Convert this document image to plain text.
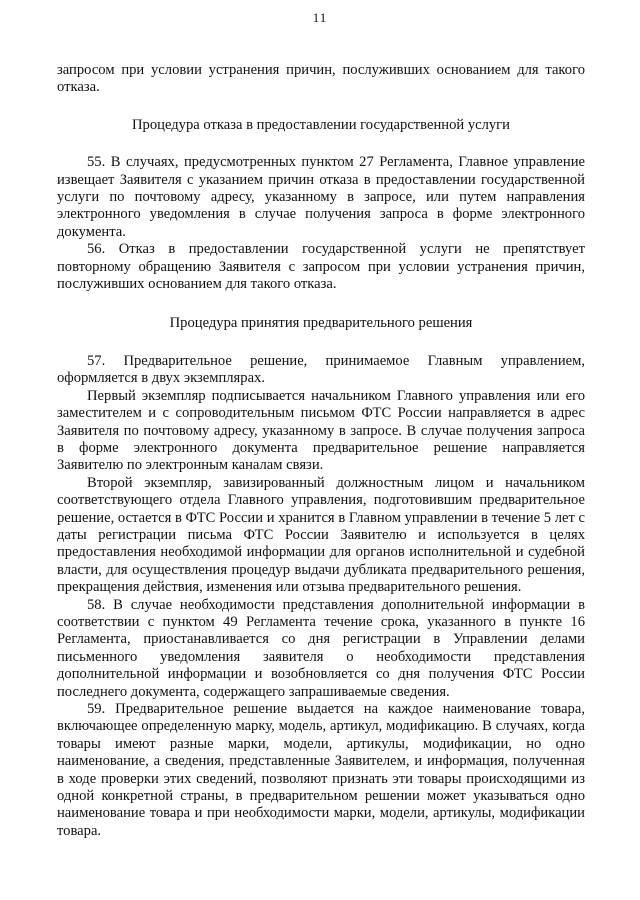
11

запросом при условии устранения причин, послуживших основанием для такого отказа.

Процедура отказа в предоставлении государственной услуги

55. В случаях, предусмотренных пунктом 27 Регламента, Главное управление извещает Заявителя с указанием причин отказа в предоставлении государственной услуги по почтовому адресу, указанному в запросе, или путем направления электронного уведомления в случае получения запроса в форме электронного документа.

56. Отказ в предоставлении государственной услуги не препятствует повторному обращению Заявителя с запросом при условии устранения причин, послуживших основанием для такого отказа.

Процедура принятия предварительного решения

57. Предварительное решение, принимаемое Главным управлением, оформляется в двух экземплярах.

Первый экземпляр подписывается начальником Главного управления или его заместителем и с сопроводительным письмом ФТС России направляется в адрес Заявителя по почтовому адресу, указанному в запросе. В случае получения запроса в форме электронного документа предварительное решение направляется Заявителю по электронным каналам связи.

Второй экземпляр, завизированный должностным лицом и начальником соответствующего отдела Главного управления, подготовившим предварительное решение, остается в ФТС России и хранится в Главном управлении в течение 5 лет с даты регистрации письма ФТС России Заявителю и используется в целях предоставления необходимой информации для органов исполнительной и судебной власти, для осуществления процедур выдачи дубликата предварительного решения, прекращения действия, изменения или отзыва предварительного решения.

58. В случае необходимости представления дополнительной информации в соответствии с пунктом 49 Регламента течение срока, указанного в пункте 16 Регламента, приостанавливается со дня регистрации в Управлении делами письменного уведомления заявителя о необходимости представления дополнительной информации и возобновляется со дня получения ФТС России последнего документа, содержащего запрашиваемые сведения.

59. Предварительное решение выдается на каждое наименование товара, включающее определенную марку, модель, артикул, модификацию. В случаях, когда товары имеют разные марки, модели, артикулы, модификации, но одно наименование, а сведения, представленные Заявителем, и информация, полученная в ходе проверки этих сведений, позволяют признать эти товары происходящими из одной конкретной страны, в предварительном решении может указываться одно наименование товара и при необходимости марки, модели, артикулы, модификации товара.
